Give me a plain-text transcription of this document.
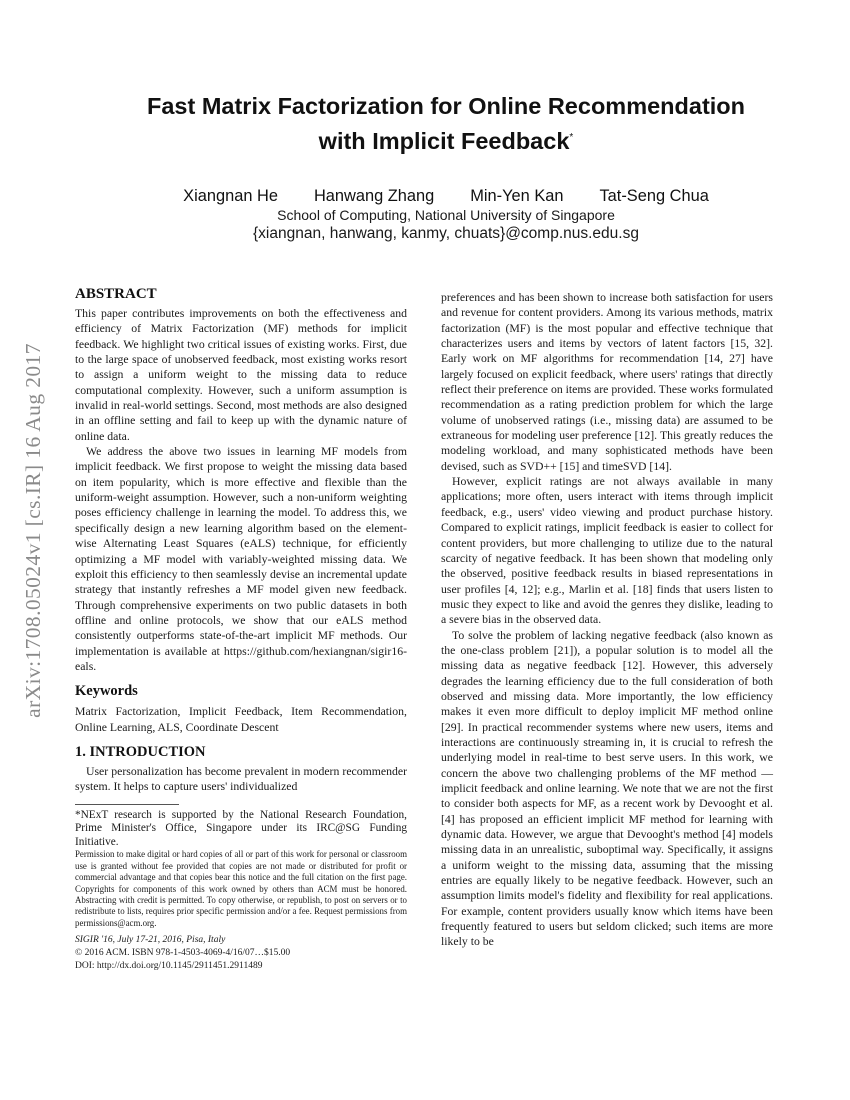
arXiv:1708.05024v1 [cs.IR] 16 Aug 2017
Fast Matrix Factorization for Online Recommendation
with Implicit Feedback*
Xiangnan He Hanwang Zhang Min-Yen Kan Tat-Seng Chua
School of Computing, National University of Singapore
{xiangnan, hanwang, kanmy, chuats}@comp.nus.edu.sg
ABSTRACT

This paper contributes improvements on both the effectiveness and efficiency of Matrix Factorization (MF) methods for implicit feedback. We highlight two critical issues of existing works. First, due to the large space of unobserved feedback, most existing works resort to assign a uniform weight to the missing data to reduce computational complexity. However, such a uniform assumption is invalid in real-world settings. Second, most methods are also designed in an offline setting and fail to keep up with the dynamic nature of online data.

We address the above two issues in learning MF models from implicit feedback. We first propose to weight the missing data based on item popularity, which is more effective and flexible than the uniform-weight assumption. However, such a non-uniform weighting poses efficiency challenge in learning the model. To address this, we specifically design a new learning algorithm based on the element-wise Alternating Least Squares (eALS) technique, for efficiently optimizing a MF model with variably-weighted missing data. We exploit this efficiency to then seamlessly devise an incremental update strategy that instantly refreshes a MF model given new feedback. Through comprehensive experiments on two public datasets in both offline and online protocols, we show that our eALS method consistently outperforms state-of-the-art implicit MF methods. Our implementation is available at https://github.com/hexiangnan/sigir16-eals.

Keywords

Matrix Factorization, Implicit Feedback, Item Recommendation, Online Learning, ALS, Coordinate Descent

1. INTRODUCTION

User personalization has become prevalent in modern recommender system. It helps to capture users' individualized

*NExT research is supported by the National Research Foundation, Prime Minister's Office, Singapore under its IRC@SG Funding Initiative.

Permission to make digital or hard copies of all or part of this work for personal or classroom use is granted without fee provided that copies are not made or distributed for profit or commercial advantage and that copies bear this notice and the full citation on the first page. Copyrights for components of this work owned by others than ACM must be honored. Abstracting with credit is permitted. To copy otherwise, or republish, to post on servers or to redistribute to lists, requires prior specific permission and/or a fee. Request permissions from permissions@acm.org.

SIGIR '16, July 17-21, 2016, Pisa, Italy
© 2016 ACM. ISBN 978-1-4503-4069-4/16/07…$15.00
DOI: http://dx.doi.org/10.1145/2911451.2911489

preferences and has been shown to increase both satisfaction for users and revenue for content providers. Among its various methods, matrix factorization (MF) is the most popular and effective technique that characterizes users and items by vectors of latent factors [15, 32]. Early work on MF algorithms for recommendation [14, 27] have largely focused on explicit feedback, where users' ratings that directly reflect their preference on items are provided. These works formulated recommendation as a rating prediction problem for which the large volume of unobserved ratings (i.e., missing data) are assumed to be extraneous for modeling user preference [12]. This greatly reduces the modeling workload, and many sophisticated methods have been devised, such as SVD++ [15] and timeSVD [14].

However, explicit ratings are not always available in many applications; more often, users interact with items through implicit feedback, e.g., users' video viewing and product purchase history. Compared to explicit ratings, implicit feedback is easier to collect for content providers, but more challenging to utilize due to the natural scarcity of negative feedback. It has been shown that modeling only the observed, positive feedback results in biased representations in user profiles [4, 12]; e.g., Marlin et al. [18] finds that users listen to music they expect to like and avoid the genres they dislike, leading to a severe bias in the observed data.

To solve the problem of lacking negative feedback (also known as the one-class problem [21]), a popular solution is to model all the missing data as negative feedback [12]. However, this adversely degrades the learning efficiency due to the full consideration of both observed and missing data. More importantly, the low efficiency makes it even more difficult to deploy implicit MF method online [29]. In practical recommender systems where new users, items and interactions are continuously streaming in, it is crucial to refresh the underlying model in real-time to best serve users. In this work, we concern the above two challenging problems of the MF method — implicit feedback and online learning. We note that we are not the first to consider both aspects for MF, as a recent work by Devooght et al. [4] has proposed an efficient implicit MF method for learning with dynamic data. However, we argue that Devooght's method [4] models missing data in an unrealistic, suboptimal way. Specifically, it assigns a uniform weight to the missing data, assuming that the missing entries are equally likely to be negative feedback. However, such an assumption limits model's fidelity and flexibility for real applications. For example, content providers usually know which items have been frequently featured to users but seldom clicked; such items are more likely to be
